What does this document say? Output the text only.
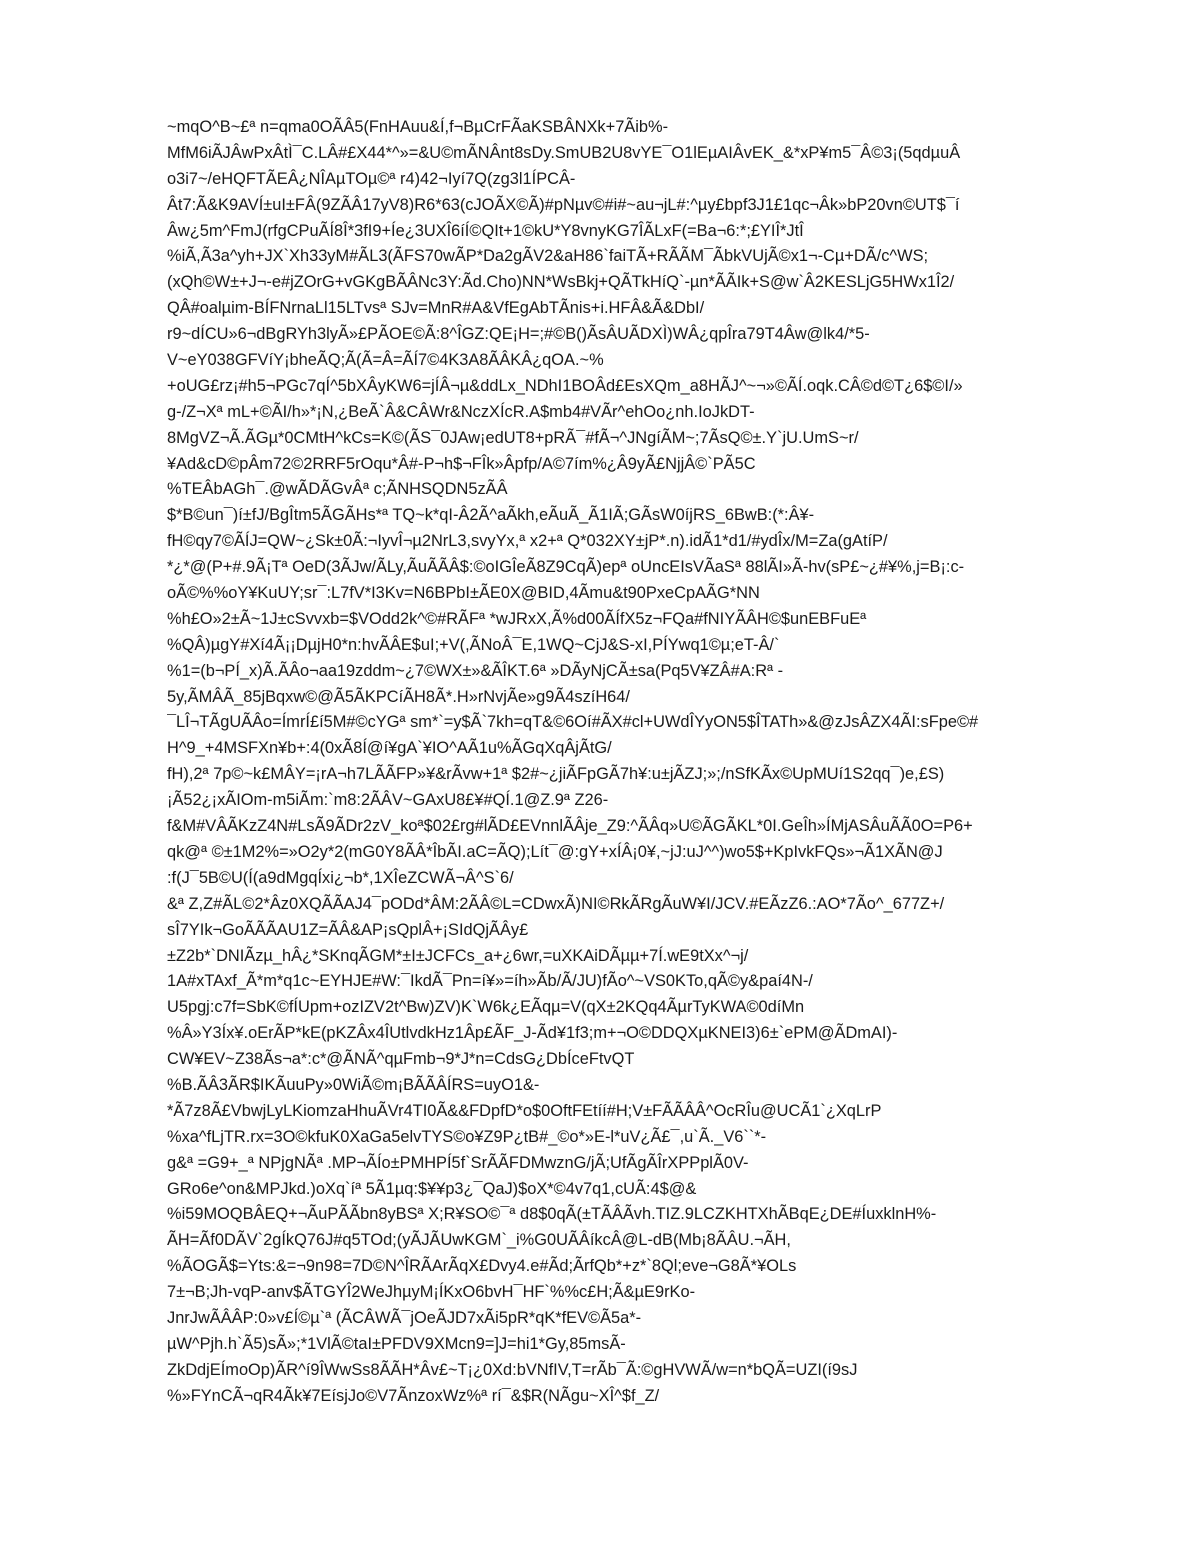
~mqO^B~£ª n=qma0OÃÂ5(FnHAuu&Í,f¬BµCrFÃaKSBÂNXk+7Ãib%-
MfM6iÃJÂwPxÂtÌ¯C.LÂ#£X44*^»=&U©mÃNÂnt8sDy.SmUB2U8vYE¯O1lEµAIÂvEK_&*xP¥m5¯Â©3¡(5qdµuÂ
o3i7~/eHQFTÃEÂ¿NÎAµTOµ©ª r4)42¬Iyí7Q(zg3l1ÍPCÂ-
Ât7:Ã&K9AVÍ±uI±FÂ(9ZÃÂ17yV8)R6*63(cJOÃX©Ã)#pNµv©#i#~au¬jL#:^µy£bpf3J1£1qc¬Âk»bP20vn©UT$¯í
Âw¿5m^FmJ(rfgCPuÃÍ8Î*3fI9+Íe¿3UXÎ6íÍ©QIt+1©kU*Y8vnyKG7ÎÃLxF(=Ba¬6:*;£YIÎ*JtÎ
%iÃ,Ã3a^yh+JX`Xh33yM#ÃL3(ÃFS70wÃP*Da2gÃV2&aH86`faiTÃ+RÃÃM¯ÃbkVUjÃ©x1¬-Cµ+DÃ/c^WS;
(xQh©W±+J¬-e#jZOrG+vGKgBÃÂNc3Y:Ãd.Cho)NN*WsBkj+QÃTkHíQ`-µn*ÃÃIk+S@w`Â2KESLjG5HWx1Î2/
QÂ#oalµim-BÍFNrnaLl15LTvsª SJv=MnR#A&VfEgAbTÃnis+i.HFÂ&Ã&DbI/
r9~dÍCU»6¬dBgRYh3lyÃ»£PÃOE©Ã:8^ÎGZ:QE¡H=;#©B()ÃsÂUÃDXÌ)WÂ¿qpÎra79T4Âw@lk4/*5-
V~eY038GFVíY¡bheÃQ;Ã(Ã=Â=ÃÍ7©4K3A8ÃÂKÂ¿qOA.~%
+oUG£rz¡#h5¬PGc7qÍ^5bXÂyKW6=jÍÂ¬µ&ddLx_NDhI1BOÂd£EsXQm_a8HÃJ^~¬»©ÃÍ.oqk.CÂ©d©T¿6$©I/»
g-/Z¬Xª mL+©ÃI/h»*¡N,¿BeÃ`Â&CÂWr&NczXÍcR.A$mb4#VÃr^ehOo¿nh.IoJkDT-
8MgVZ¬Ã.ÃGµ*0CMtH^kCs=K©(ÃS¯0JAw¡edUT8+pRÃ¯#fÃ¬^JNgíÃM~;7ÃsQ©±.Y`jU.UmS~r/
¥Ad&cD©pÂm72©2RRF5rOqu*Â#-P¬h$¬FÎk»Âpfp/A©7ím%¿Â9yÃ£NjjÂ©`PÃ5C
%TEÂbAGh¯.@wÃDÃGvÂª c;ÃNHSQDN5zÃÂ
$*B©un¯)í±fJ/BgÎtm5ÃGÃHs*ª TQ~k*qI-Â2Ã^aÃkh,eÃuÃ_Ã1IÃ;GÃsW0íjRS_6BwB:(*:Â¥-
fH©qy7©ÃÍJ=QW~¿Sk±0Ã:¬IyvÎ¬µ2NrL3,svyYx,ª x2+ª Q*032XY±jP*.n).idÃ1*d1/#ydÎx/M=Za(gAtíP/
*¿*@(P+#.9Ã¡Tª OeD(3ÃJw/ÃLy,ÃuÃÃÂ$:©oIGÎeÃ8Z9CqÃ)epª oUncEIsVÃaSª 88lÃI»Ã-hv(sP£~¿#¥%,j=B¡:c-
oÃ©%%oY¥KuUY;sr¯:L7fV*I3Kv=N6BPbI±ÃE0X@BID,4Ãmu&t90PxeCpAÃG*NN
%h£O»2±Ã~1J±cSvvxb=$VOdd2k^©#RÃFª *wJRxX,Ã%d00ÃÍfX5z¬FQa#fNIYÃÂH©$unEBFuEª
%QÂ)µgY#Xí4Ã¡¡DµjH0*n:hvÃÂE$uI;+V(,ÃNoÂ¯E,1WQ~CjJ&S-xI,PÍYwq1©µ;eT-Â/`
%1=(b¬PÍ_x)Ã.ÃÂo¬aa19zddm~¿7©WX±»&ÃÎKT.6ª »DÃyNjCÃ±sa(Pq5V¥ZÂ#A:Rª -
5y,ÃMÂÃ_85jBqxw©@Ã5ÃKPCíÃH8Ã*.H»rNvjÃe»g9Ã4szíH64/
¯LÎ¬TÃgUÃÂo=ÍmrÍ£í5M#©cYGª sm*`=y$Ã`7kh=qT&©6Oí#ÃX#cl+UWdÎYyON5$ÎTATh»&@zJsÂZX4ÃI:sFpe©#
H^9_+4MSFXn¥b+:4(0xÃ8Í@í¥gA`¥IO^AÃ1u%ÃGqXqÂjÃtG/
fH),2ª 7p©~k£MÂY=¡rA¬h7LÃÃFP»¥&rÃvw+1ª $2#~¿jiÃFpGÃ7h¥:u±jÃZJ;»;/nSfKÃx©UpMUí1S2qq¯)e,£S)
¡Ã52¿¡xÃIOm-m5iÃm:`m8:2ÃÂV~GAxU8£¥#QÍ.1@Z.9ª Z26-
f&M#VÂÃKzZ4N#LsÃ9ÃDr2zV_koª$02£rg#lÃD£EVnnlÃÂje_Z9:^ÃÂq»U©ÃGÃKL*0I.GeÎh»ÍMjASÂuÃÃ0O=P6+
qk@ª ©±1M2%=»O2y*2(mG0Y8ÃÂ*ÎbÃI.aC=ÃQ);Lít¯@:gY+xÍÂ¡0¥,~jJ:uJ^^)wo5$+KpIvkFQs»¬Ã1XÃN@J
:f(J¯5B©U(Í(a9dMgqÍxi¿¬b*,1XÎeZCWÃ¬Â^S`6/
&ª Z,Z#ÃL©2*Âz0XQÃÃAJ4¯pODd*ÂM:2ÃÂ©L=CDwxÃ)NI©RkÃRgÃuW¥I/JCV.#EÃzZ6.:AO*7Ão^_677Z+/
sÎ7YIk¬GoÃÃÃAU1Z=ÃÂ&AP¡sQplÂ+¡SIdQjÃÂy£
±Z2b*`DNIÃzµ_hÂ¿*SKnqÃGM*±I±JCFCs_a+¿6wr,=uXKAiDÃµµ+7Í.wE9tXx^¬j/
1A#xTAxf_Ã*m*q1c~EYHJE#W:¯IkdÃ¯Pn=í¥»=íh»Ãb/Ã/JU)fÃo^~VS0KTo,qÃ©y&paí4N-/
U5pgj:c7f=SbK©fÍUpm+ozIZV2t^Bw)ZV)K`W6k¿EÃqµ=V(qX±2KQq4ÃµrTyKWA©0díMn
%Â»Y3Íx¥.oErÃP*kE(pKZÂx4ÎUtlvdkHz1Âp£ÃF_J-Ãd¥1f3;m+¬O©DDQXµKNEI3)6±`ePM@ÃDmAI)-
CW¥EV~Z38Ãs¬a*:c*@ÃNÃ^qµFmb¬9*J*n=CdsG¿DbÍceFtvQT
%B.ÃÂ3ÃR$IKÃuuPy»0WiÃ©m¡BÃÃÂÍRS=uyO1&-
*Ã7z8Ã£VbwjLyLKiomzaHhuÃVr4TI0Ã&&FDpfD*o$0OftFEtíí#H;V±FÃÃÂÂ^OcRÎu@UCÃ1`¿XqLrP
%xa^fLjTR.rx=3O©kfuK0XaGa5elvTYS©o¥Z9P¿tB#_©o*»E-l*uV¿Ã£¯,u`Ã._V6``*-
g&ª =G9+_ª NPjgNÃª .MP¬ÃÍo±PMHPÍ5f`SrÃÃFDMwznG/jÃ;UfÃgÃÎrXPPplÃ0V-
GRo6e^on&MPJkd.)oXq`íª 5Ã1µq:$¥¥p3¿¯QaJ)$oX*©4v7q1,cUÃ:4$@&
%i59MOQBÂEQ+¬ÃuPÃÃbn8yBSª X;R¥SO©¯ª d8$0qÃ(±TÃÂÃvh.TIZ.9LCZKHTXhÃBqE¿DE#ÍuxklnH%-
ÃH=Ãf0DÃV`2gÍkQ76J#q5TOd;(yÃJÃUwKGM`_i%G0UÃÂíkcÂ@L-dB(Mb¡8ÃÂU.¬ÃH,
%ÃOGÃ$=Yts:&=¬9n98=7D©N^ÎRÃArÃqX£Dvy4.e#Ãd;ÃrfQb*+z*`8Ql;eve¬G8Ã*¥OLs
7±¬B;Jh-vqP-anv$ÃTGYÎ2WeJhµyM¡ÍKxO6bvH¯HF`%%c£H;Ã&µE9rKo-
JnrJwÃÂÂP:0»v£Í©µ`ª (ÃCÂWÃ¯jOeÃJD7xÃi5pR*qK*fEV©Ã5a*-
µW^Pjh.h`Ã5)sÃ»;*1VlÃ©taI±PFDV9XMcn9=]J=hi1*Gy,85msÃ-
ZkDdjEÍmoOp)ÃR^í9ÎWwSs8ÃÃH*Âv£~T¡¿0Xd:bVNfIV,T=rÃb¯Ã:©gHVWÃ/w=n*bQÃ=UZI(í9sJ
%»FYnCÃ¬qR4Ãk¥7EísjJo©V7ÃnzoxWz%ª rí¯&$R(NÃgu~XÎ^$f_Z/
